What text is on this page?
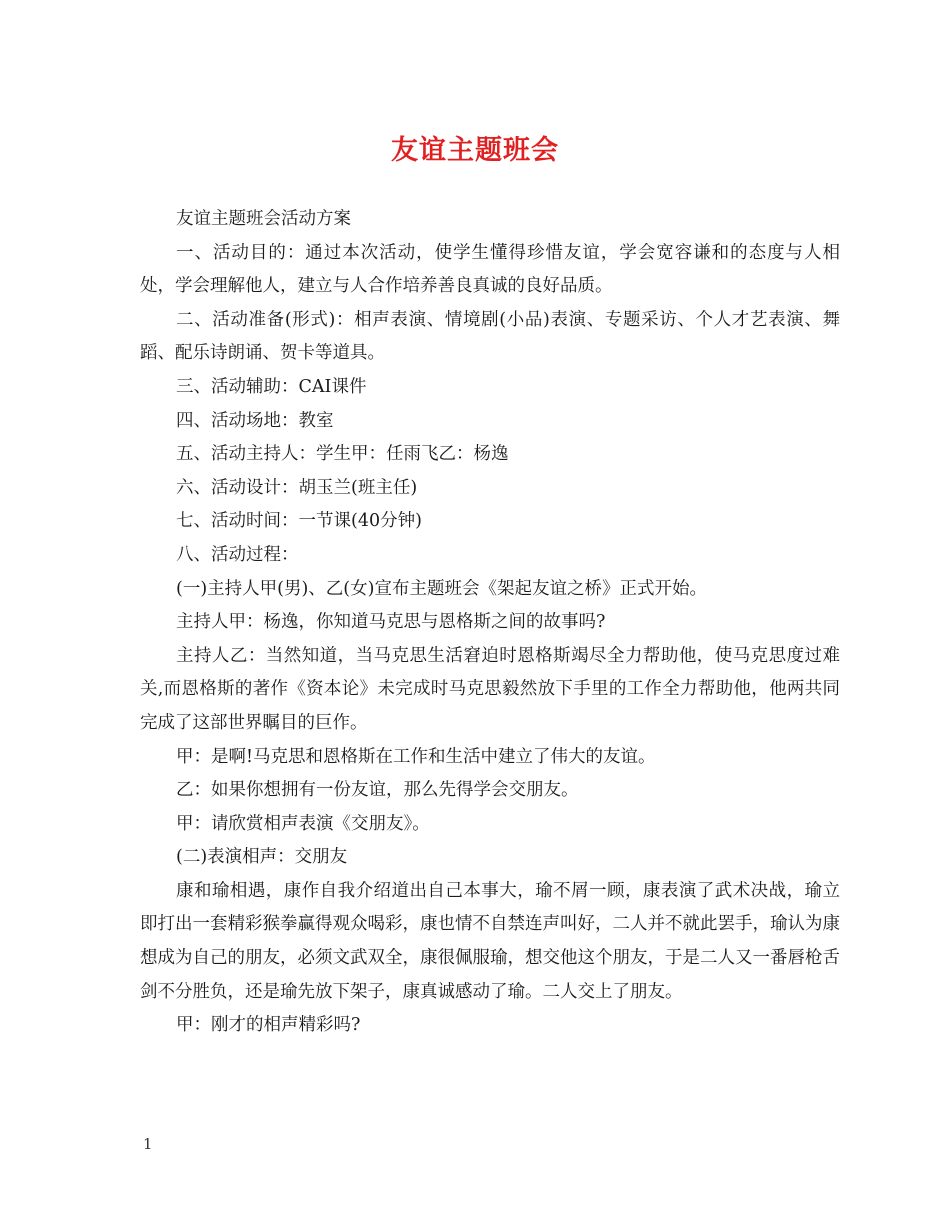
友谊主题班会

友谊主题班会活动方案

一、活动目的：通过本次活动，使学生懂得珍惜友谊，学会宽容谦和的态度与人相处，学会理解他人，建立与人合作培养善良真诚的良好品质。

二、活动准备(形式)：相声表演、情境剧(小品)表演、专题采访、个人才艺表演、舞蹈、配乐诗朗诵、贺卡等道具。

三、活动辅助：CAI课件

四、活动场地：教室

五、活动主持人：学生甲：任雨飞乙：杨逸

六、活动设计：胡玉兰(班主任)

七、活动时间：一节课(40分钟)

八、活动过程：

(一)主持人甲(男)、乙(女)宣布主题班会《架起友谊之桥》正式开始。

主持人甲：杨逸，你知道马克思与恩格斯之间的故事吗?

主持人乙：当然知道，当马克思生活窘迫时恩格斯竭尽全力帮助他，使马克思度过难关,而恩格斯的著作《资本论》未完成时马克思毅然放下手里的工作全力帮助他，他两共同完成了这部世界瞩目的巨作。

甲：是啊!马克思和恩格斯在工作和生活中建立了伟大的友谊。

乙：如果你想拥有一份友谊，那么先得学会交朋友。

甲：请欣赏相声表演《交朋友》。

(二)表演相声：交朋友

康和瑜相遇，康作自我介绍道出自己本事大，瑜不屑一顾，康表演了武术决战，瑜立即打出一套精彩猴拳赢得观众喝彩，康也情不自禁连声叫好，二人并不就此罢手，瑜认为康想成为自己的朋友，必须文武双全，康很佩服瑜，想交他这个朋友，于是二人又一番唇枪舌剑不分胜负，还是瑜先放下架子，康真诚感动了瑜。二人交上了朋友。

甲：刚才的相声精彩吗?

1
